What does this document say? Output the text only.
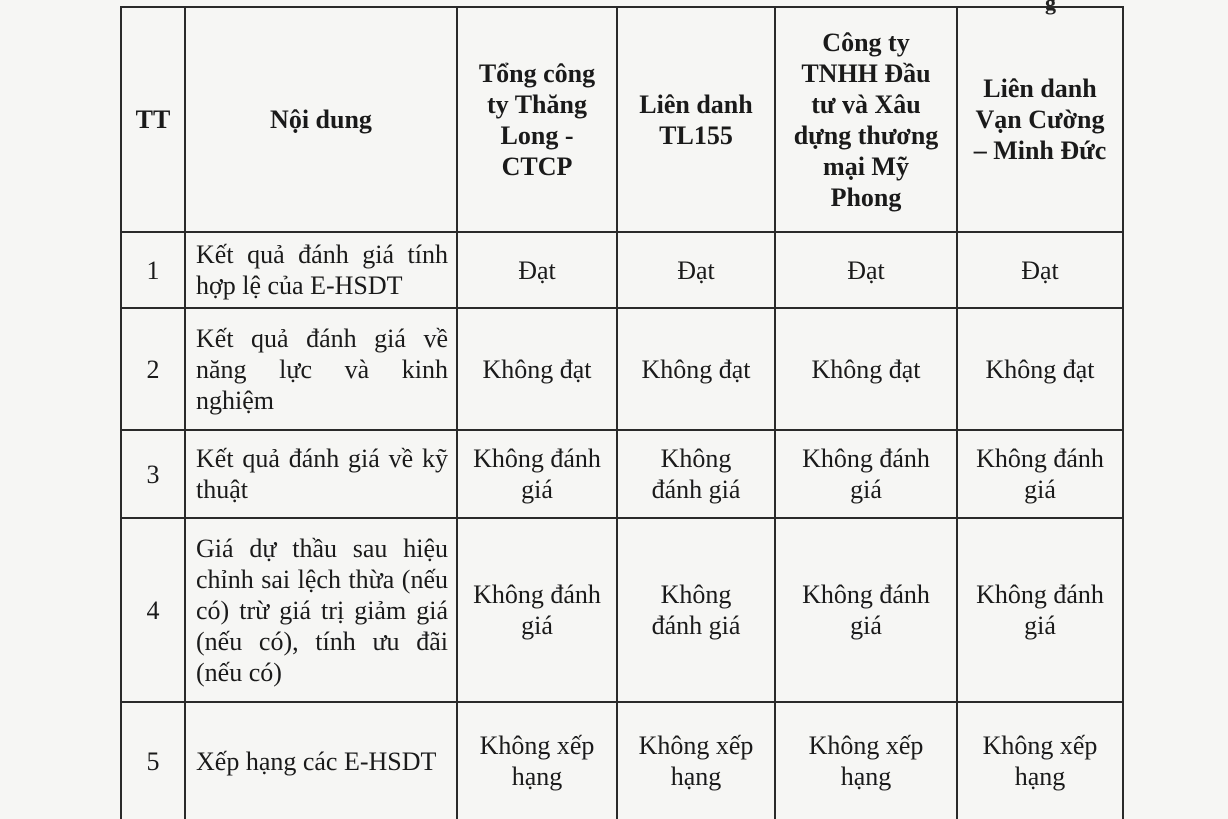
g
TT	Nội dung	Tổng công ty Thăng Long - CTCP	Liên danh TL155	Công ty TNHH Đầu tư và Xâu dựng thương mại Mỹ Phong	Liên danh Vạn Cường – Minh Đức
1	Kết quả đánh giá tính hợp lệ của E-HSDT	Đạt	Đạt	Đạt	Đạt
2	Kết quả đánh giá về năng lực và kinh nghiệm	Không đạt	Không đạt	Không đạt	Không đạt
3	Kết quả đánh giá về kỹ thuật	Không đánh giá	Không đánh giá	Không đánh giá	Không đánh giá
4	Giá dự thầu sau hiệu chỉnh sai lệch thừa (nếu có) trừ giá trị giảm giá (nếu có), tính ưu đãi (nếu có)	Không đánh giá	Không đánh giá	Không đánh giá	Không đánh giá
5	Xếp hạng các E-HSDT	Không xếp hạng	Không xếp hạng	Không xếp hạng	Không xếp hạng
